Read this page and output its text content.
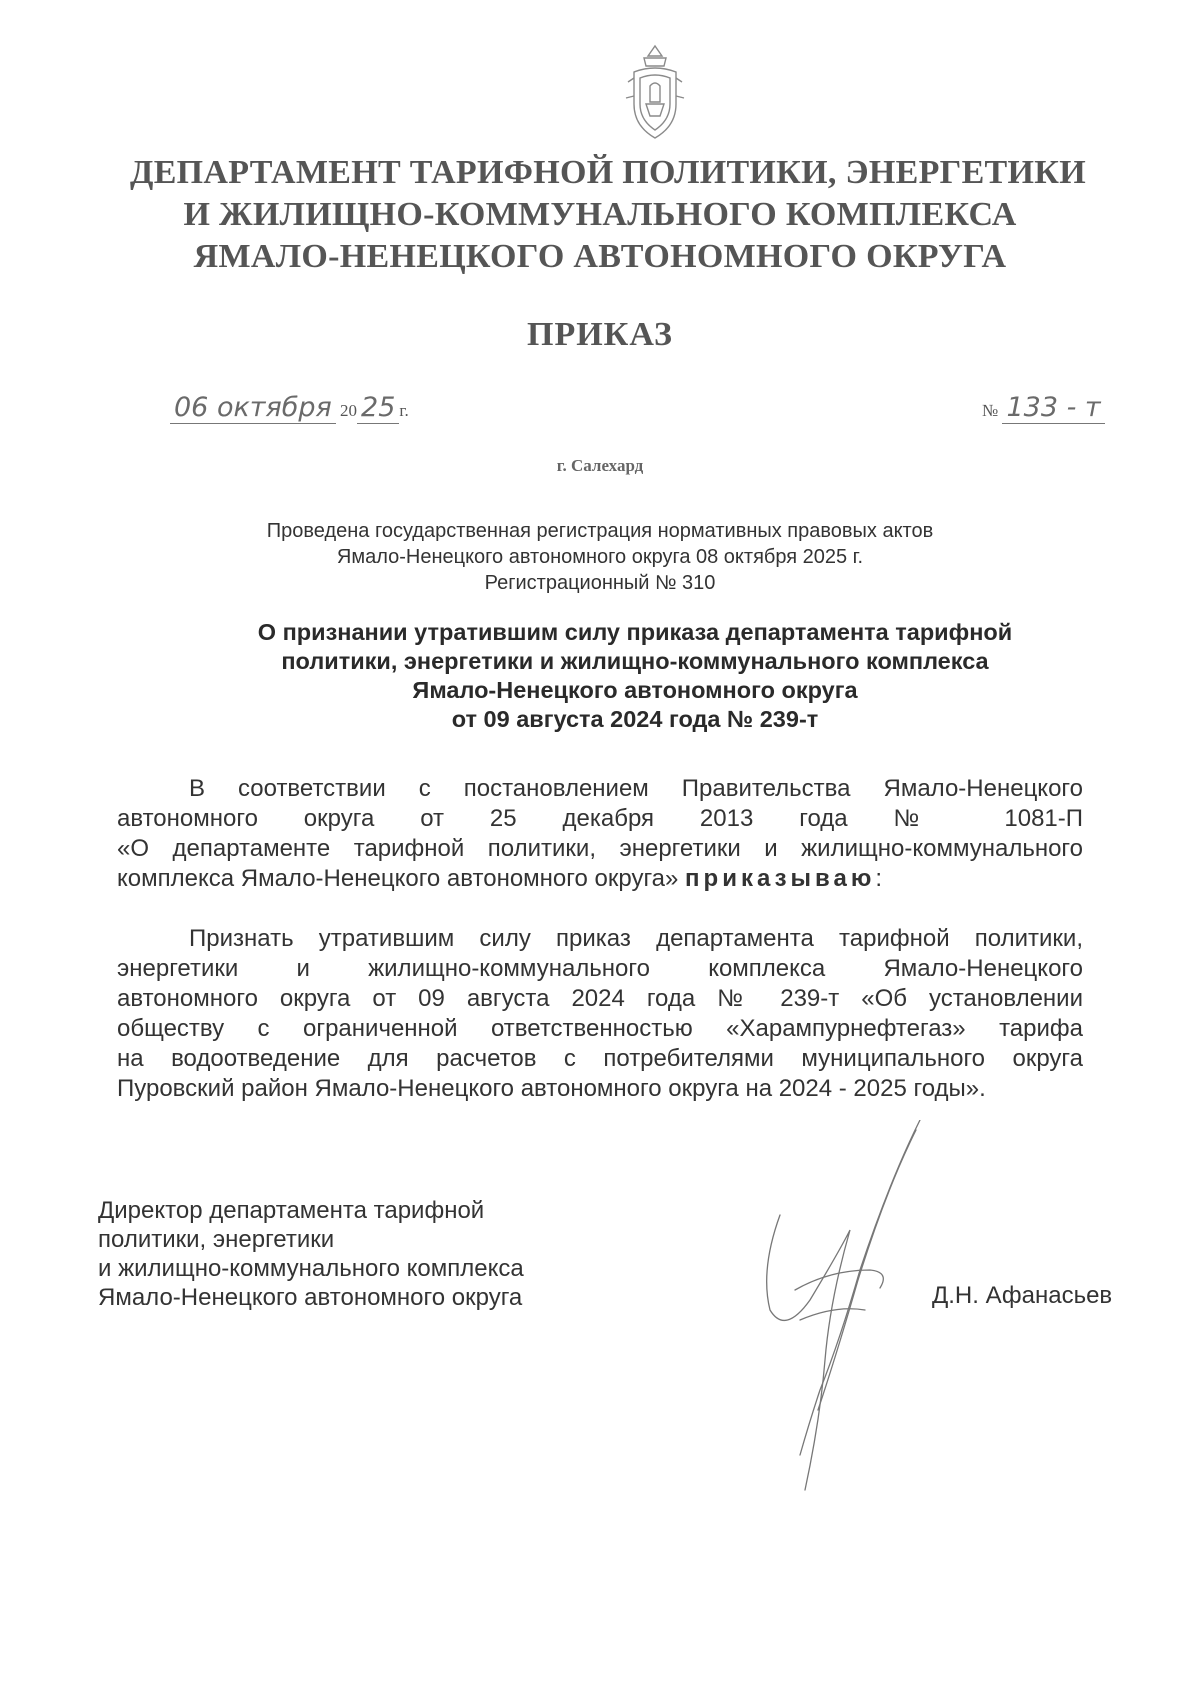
ДЕПАРТАМЕНТ ТАРИФНОЙ ПОЛИТИКИ, ЭНЕРГЕТИКИ
И ЖИЛИЩНО-КОММУНАЛЬНОГО КОМПЛЕКСА
ЯМАЛО-НЕНЕЦКОГО АВТОНОМНОГО ОКРУГА
ПРИКАЗ
06 октября 20 25 г.	№ 133 - т
г. Салехард
Проведена государственная регистрация нормативных правовых актов
Ямало-Ненецкого автономного округа 08 октября 2025 г.
Регистрационный № 310
О признании утратившим силу приказа департамента тарифной
политики, энергетики и жилищно-коммунального комплекса
Ямало-Ненецкого автономного округа
от 09 августа 2024 года № 239-т
В соответствии с постановлением Правительства Ямало-Ненецкого
автономного округа от 25 декабря 2013 года № 1081-П
«О департаменте тарифной политики, энергетики и жилищно-коммунального
комплекса Ямало-Ненецкого автономного округа» приказываю:
Признать утратившим силу приказ департамента тарифной политики,
энергетики и жилищно-коммунального комплекса Ямало-Ненецкого
автономного округа от 09 августа 2024 года № 239-т «Об установлении
обществу с ограниченной ответственностью «Харампурнефтегаз» тарифа
на водоотведение для расчетов с потребителями муниципального округа
Пуровский район Ямало-Ненецкого автономного округа на 2024 - 2025 годы».
Директор департамента тарифной
политики, энергетики
и жилищно-коммунального комплекса
Ямало-Ненецкого автономного округа	Д.Н. Афанасьев
